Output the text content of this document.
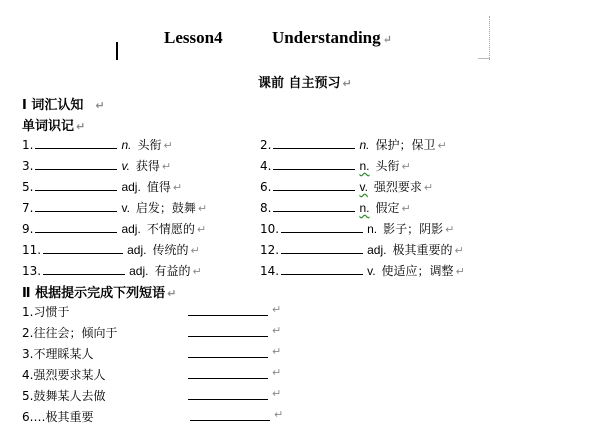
Lesson4	Understanding ↵
课前 自主预习 ↵
Ⅰ 词汇认知 ↵
单词识记 ↵
1.	n. 头衔 ↵	2.	n. 保护；保卫 ↵
3.	v. 获得 ↵	4.	n. 头衔 ↵
5.	adj. 值得 ↵	6.	v. 强烈要求 ↵
7.	v. 启发；鼓舞 ↵	8.	n. 假定 ↵
9.	adj. 不情愿的 ↵	10.	n. 影子；阴影 ↵
11.	adj. 传统的 ↵	12.	adj. 极其重要的 ↵
13.	adj. 有益的 ↵	14.	v. 使适应；调整 ↵
Ⅱ 根据提示完成下列短语 ↵
1.习惯于	↵
2.往往会；倾向于	↵
3.不理睬某人	↵
4.强烈要求某人	↵
5.鼓舞某人去做	↵
6.…极其重要	↵
